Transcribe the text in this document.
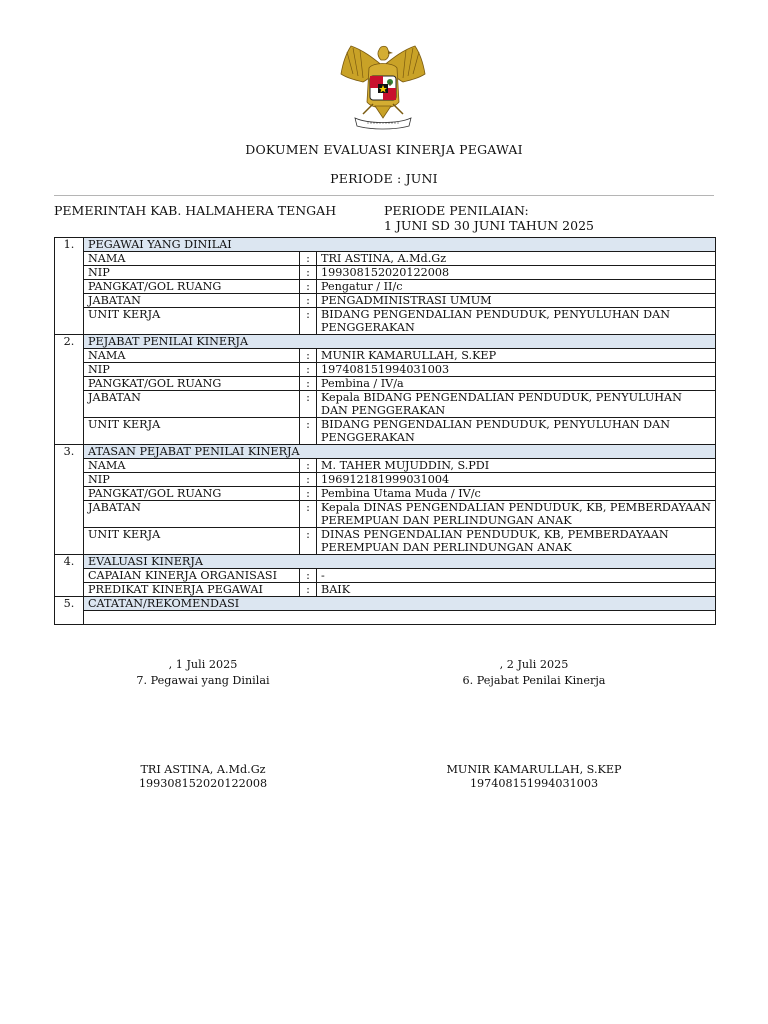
DOKUMEN EVALUASI KINERJA PEGAWAI
PERIODE : JUNI
PEMERINTAH KAB. HALMAHERA TENGAH	PERIODE PENILAIAN:
1 JUNI SD 30 JUNI TAHUN 2025
1.	PEGAWAI YANG DINILAI		
	NAMA	:	TRI ASTINA, A.Md.Gz
	NIP	:	199308152020122008
	PANGKAT/GOL RUANG	:	Pengatur / II/c
	JABATAN	:	PENGADMINISTRASI UMUM
	UNIT KERJA	:	BIDANG PENGENDALIAN PENDUDUK, PENYULUHAN DAN PENGGERAKAN
2.	PEJABAT PENILAI KINERJA		
	NAMA	:	MUNIR KAMARULLAH, S.KEP
	NIP	:	197408151994031003
	PANGKAT/GOL RUANG	:	Pembina / IV/a
	JABATAN	:	Kepala BIDANG PENGENDALIAN PENDUDUK, PENYULUHAN DAN PENGGERAKAN
	UNIT KERJA	:	BIDANG PENGENDALIAN PENDUDUK, PENYULUHAN DAN PENGGERAKAN
3.	ATASAN PEJABAT PENILAI KINERJA		
	NAMA	:	M. TAHER MUJUDDIN, S.PDI
	NIP	:	196912181999031004
	PANGKAT/GOL RUANG	:	Pembina Utama Muda / IV/c
	JABATAN	:	Kepala DINAS PENGENDALIAN PENDUDUK, KB, PEMBERDAYAAN PEREMPUAN DAN PERLINDUNGAN ANAK
	UNIT KERJA	:	DINAS PENGENDALIAN PENDUDUK, KB, PEMBERDAYAAN PEREMPUAN DAN PERLINDUNGAN ANAK
4.	EVALUASI KINERJA		
	CAPAIAN KINERJA ORGANISASI	:	-
	PREDIKAT KINERJA PEGAWAI	:	BAIK
5.	CATATAN/REKOMENDASI		

, 1 Juli 2025
7. Pegawai yang Dinilai
TRI ASTINA, A.Md.Gz
199308152020122008
, 2 Juli 2025
6. Pejabat Penilai Kinerja
MUNIR KAMARULLAH, S.KEP
197408151994031003
